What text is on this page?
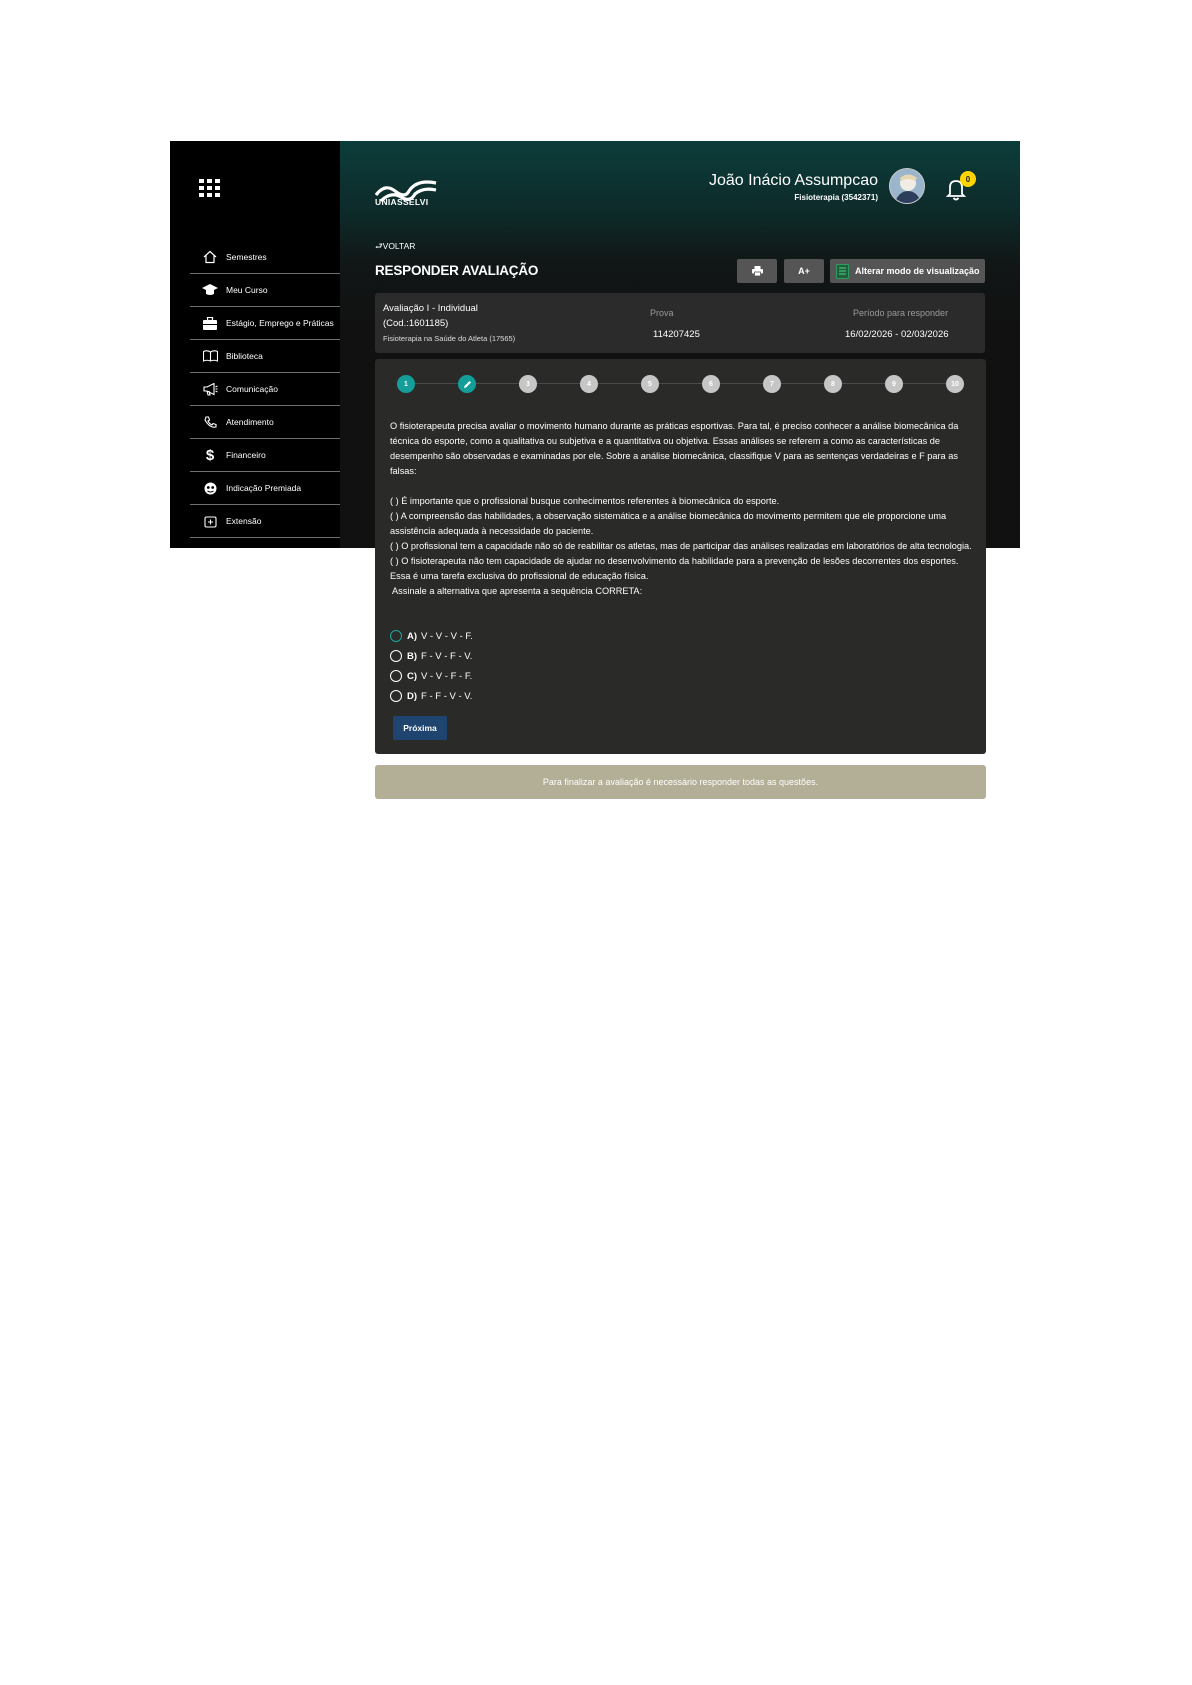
Semestres
Meu Curso
Estágio, Emprego e Práticas
Biblioteca
Comunicação
Atendimento
$	Financeiro
Indicação Premiada
Extensão
UNIASSELVI
João Inácio Assumpcao
Fisioterapia (3542371)
0
⮐VOLTAR
RESPONDER AVALIAÇÃO	A+	Alterar modo de visualização
Avaliação I - Individual
(Cod.:1601185)
Fisioterapia na Saúde do Atleta (17565)
Prova
114207425
Período para responder
16/02/2026 - 02/03/2026
1	3	4	5	6	7	8	9	10

O fisioterapeuta precisa avaliar o movimento humano durante as práticas esportivas. Para tal, é preciso conhecer a análise biomecânica da técnica do esporte, como a qualitativa ou subjetiva e a quantitativa ou objetiva. Essas análises se referem a como as características de desempenho são observadas e examinadas por ele. Sobre a análise biomecânica, classifique V para as sentenças verdadeiras e F para as falsas:

( ) É importante que o profissional busque conhecimentos referentes à biomecânica do esporte.

( ) A compreensão das habilidades, a observação sistemática e a análise biomecânica do movimento permitem que ele proporcione uma assistência adequada à necessidade do paciente.

( ) O profissional tem a capacidade não só de reabilitar os atletas, mas de participar das análises realizadas em laboratórios de alta tecnologia.

( ) O fisioterapeuta não tem capacidade de ajudar no desenvolvimento da habilidade para a prevenção de lesões decorrentes dos esportes. Essa é uma tarefa exclusiva do profissional de educação física.

Assinale a alternativa que apresenta a sequência CORRETA:

A) V - V - V - F.
B) F - V - F - V.
C) V - V - F - F.
D) F - F - V - V.
Próxima
Para finalizar a avaliação é necessário responder todas as questões.
